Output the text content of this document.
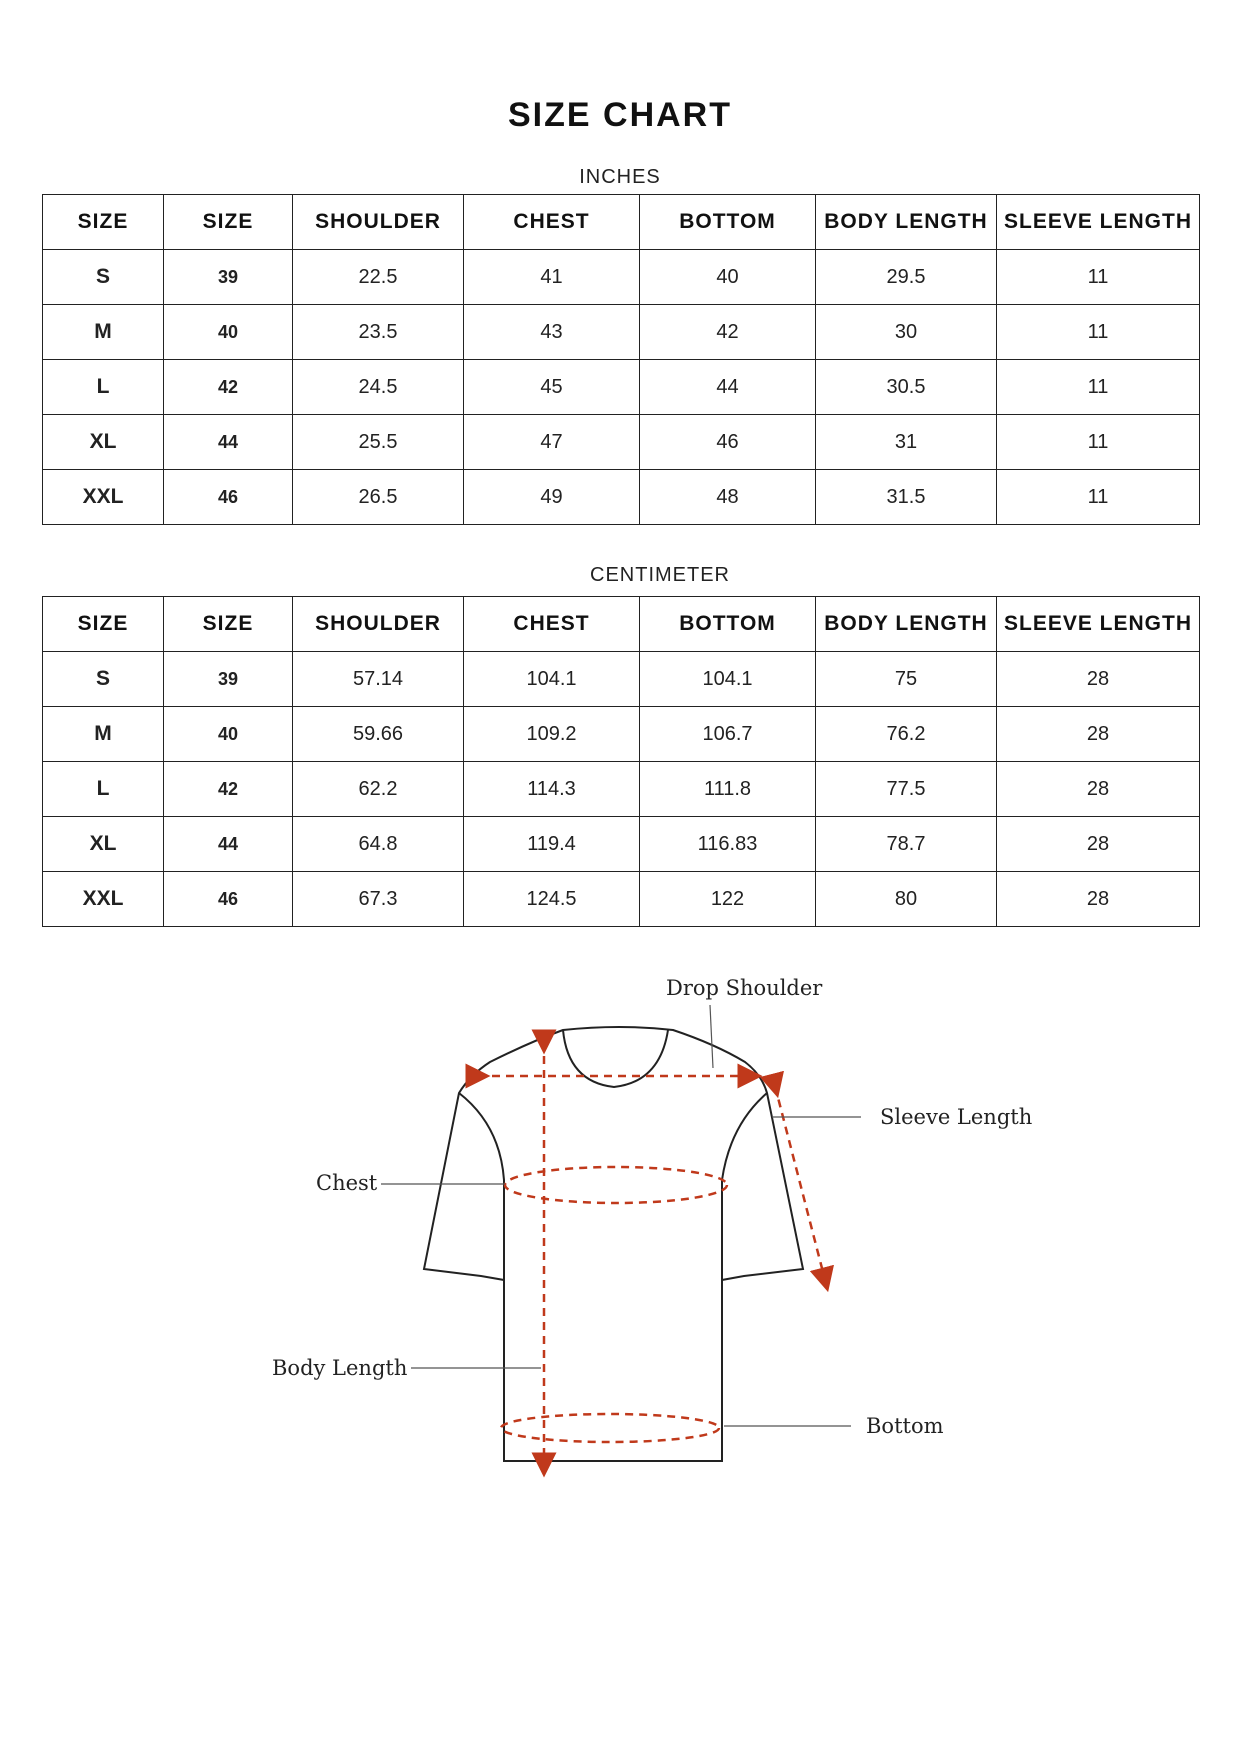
SIZE CHART
INCHES
SIZE	SIZE	SHOULDER	CHEST	BOTTOM	BODY LENGTH	SLEEVE LENGTH
S	39	22.5	41	40	29.5	11
M	40	23.5	43	42	30	11
L	42	24.5	45	44	30.5	11
XL	44	25.5	47	46	31	11
XXL	46	26.5	49	48	31.5	11
CENTIMETER
SIZE	SIZE	SHOULDER	CHEST	BOTTOM	BODY LENGTH	SLEEVE LENGTH
S	39	57.14	104.1	104.1	75	28
M	40	59.66	109.2	106.7	76.2	28
L	42	62.2	114.3	111.8	77.5	28
XL	44	64.8	119.4	116.83	78.7	28
XXL	46	67.3	124.5	122	80	28
Drop Shoulder
Sleeve Length
Chest
Body Length
Bottom
